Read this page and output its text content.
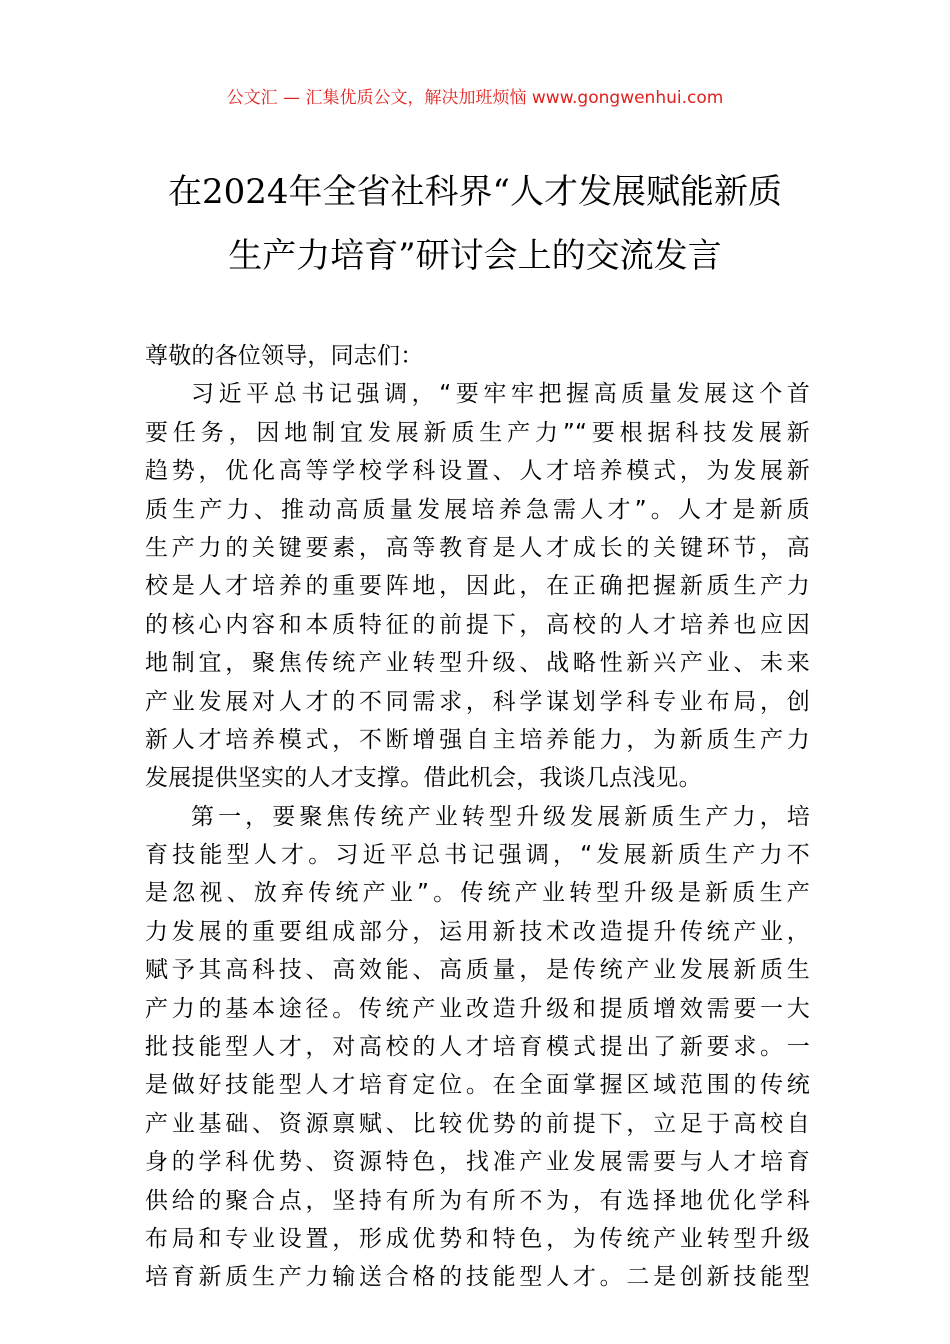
公文汇 — 汇集优质公文，解决加班烦恼 www.gongwenhui.com
在2024年全省社科界“人才发展赋能新质
生产力培育”研讨会上的交流发言

尊敬的各位领导，同志们：

习近平总书记强调，“要牢牢把握高质量发展这个首
要任务，因地制宜发展新质生产力”“要根据科技发展新
趋势，优化高等学校学科设置、人才培养模式，为发展新
质生产力、推动高质量发展培养急需人才”。人才是新质
生产力的关键要素，高等教育是人才成长的关键环节，高
校是人才培养的重要阵地，因此，在正确把握新质生产力
的核心内容和本质特征的前提下，高校的人才培养也应因
地制宜，聚焦传统产业转型升级、战略性新兴产业、未来
产业发展对人才的不同需求，科学谋划学科专业布局，创
新人才培养模式，不断增强自主培养能力，为新质生产力
发展提供坚实的人才支撑。借此机会，我谈几点浅见。
第一，要聚焦传统产业转型升级发展新质生产力，培
育技能型人才。习近平总书记强调，“发展新质生产力不
是忽视、放弃传统产业”。传统产业转型升级是新质生产
力发展的重要组成部分，运用新技术改造提升传统产业，
赋予其高科技、高效能、高质量，是传统产业发展新质生
产力的基本途径。传统产业改造升级和提质增效需要一大
批技能型人才，对高校的人才培育模式提出了新要求。一
是做好技能型人才培育定位。在全面掌握区域范围的传统
产业基础、资源禀赋、比较优势的前提下，立足于高校自
身的学科优势、资源特色，找准产业发展需要与人才培育
供给的聚合点，坚持有所为有所不为，有选择地优化学科
布局和专业设置，形成优势和特色，为传统产业转型升级
培育新质生产力输送合格的技能型人才。二是创新技能型
